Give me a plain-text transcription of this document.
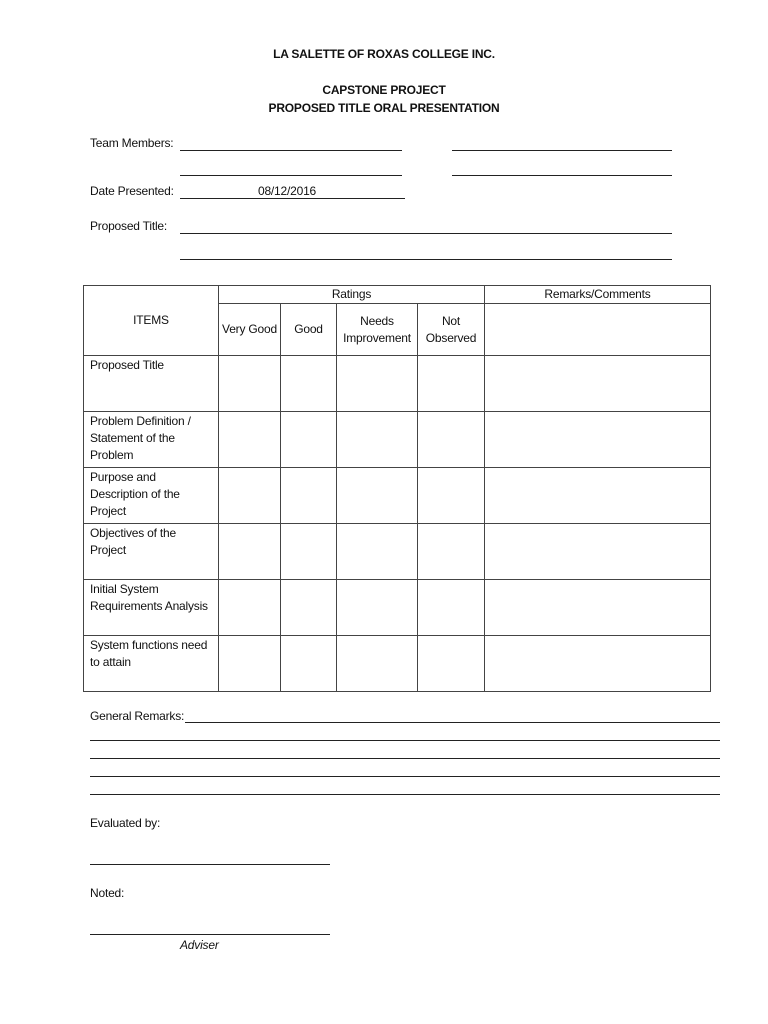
LA SALETTE OF ROXAS COLLEGE INC.
CAPSTONE PROJECT
PROPOSED TITLE ORAL PRESENTATION
Team Members:
Date Presented:	08/12/2016
Proposed Title:
ITEMS	Ratings				Remarks/Comments
	Very Good	Good	Needs Improvement	Not Observed	
Proposed Title					
Problem Definition / Statement of the Problem					
Purpose and Description of the Project					
Objectives of the Project					
Initial System Requirements Analysis					
System functions need to attain					
General Remarks:
Evaluated by:
Noted:
Adviser
